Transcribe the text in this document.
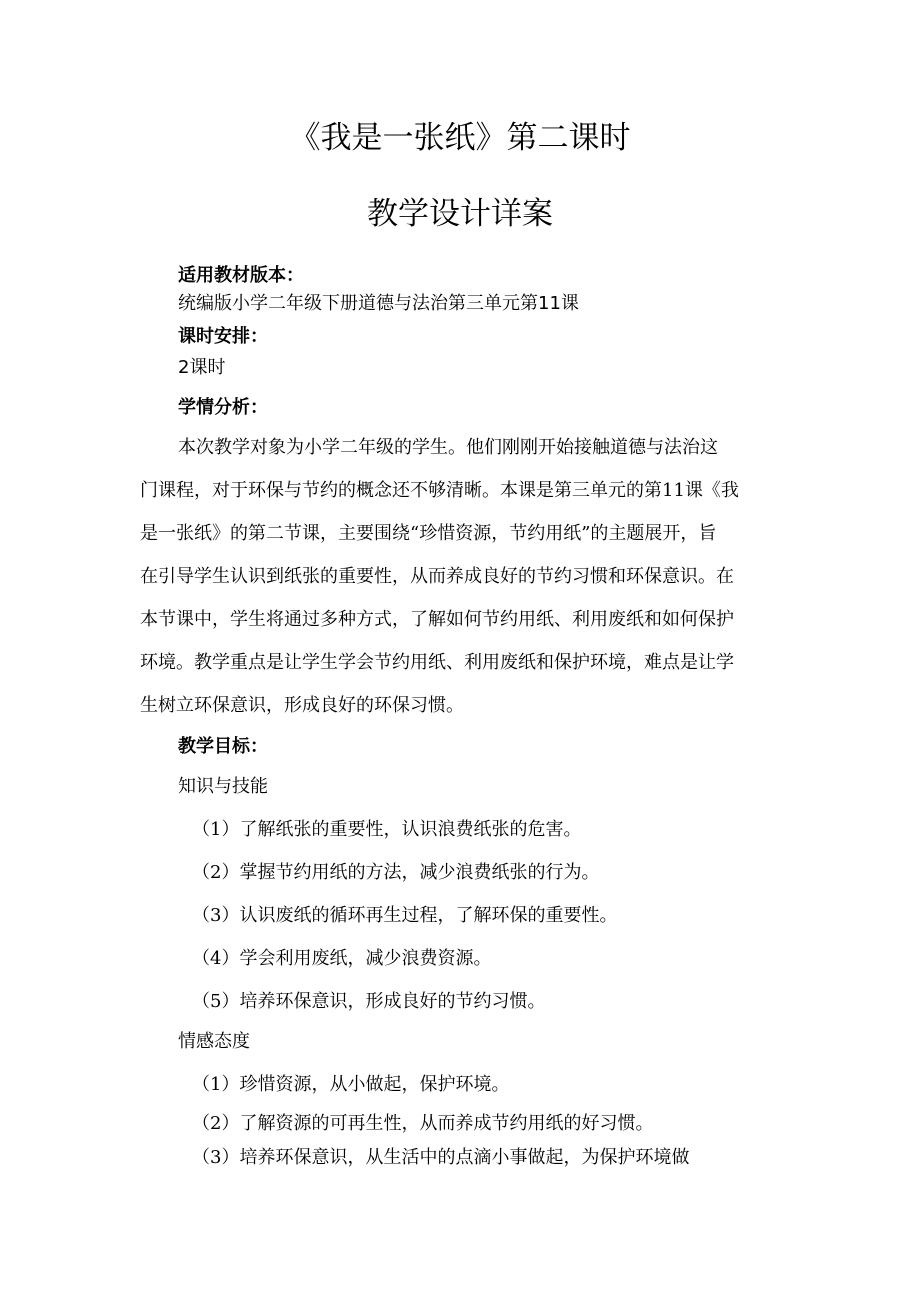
《我是一张纸》第二课时
教学设计详案
适用教材版本：
统编版小学二年级下册道德与法治第三单元第11课
课时安排：
2课时
学情分析：
本次教学对象为小学二年级的学生。他们刚刚开始接触道德与法治这
门课程，对于环保与节约的概念还不够清晰。本课是第三单元的第11课《我
是一张纸》的第二节课，主要围绕“珍惜资源，节约用纸”的主题展开，旨
在引导学生认识到纸张的重要性，从而养成良好的节约习惯和环保意识。在
本节课中，学生将通过多种方式，了解如何节约用纸、利用废纸和如何保护
环境。教学重点是让学生学会节约用纸、利用废纸和保护环境，难点是让学
生树立环保意识，形成良好的环保习惯。
教学目标：
知识与技能
（1）了解纸张的重要性，认识浪费纸张的危害。
（2）掌握节约用纸的方法，减少浪费纸张的行为。
（3）认识废纸的循环再生过程，了解环保的重要性。
（4）学会利用废纸，减少浪费资源。
（5）培养环保意识，形成良好的节约习惯。
情感态度
（1）珍惜资源，从小做起，保护环境。
（2）了解资源的可再生性，从而养成节约用纸的好习惯。
（3）培养环保意识，从生活中的点滴小事做起，为保护环境做
